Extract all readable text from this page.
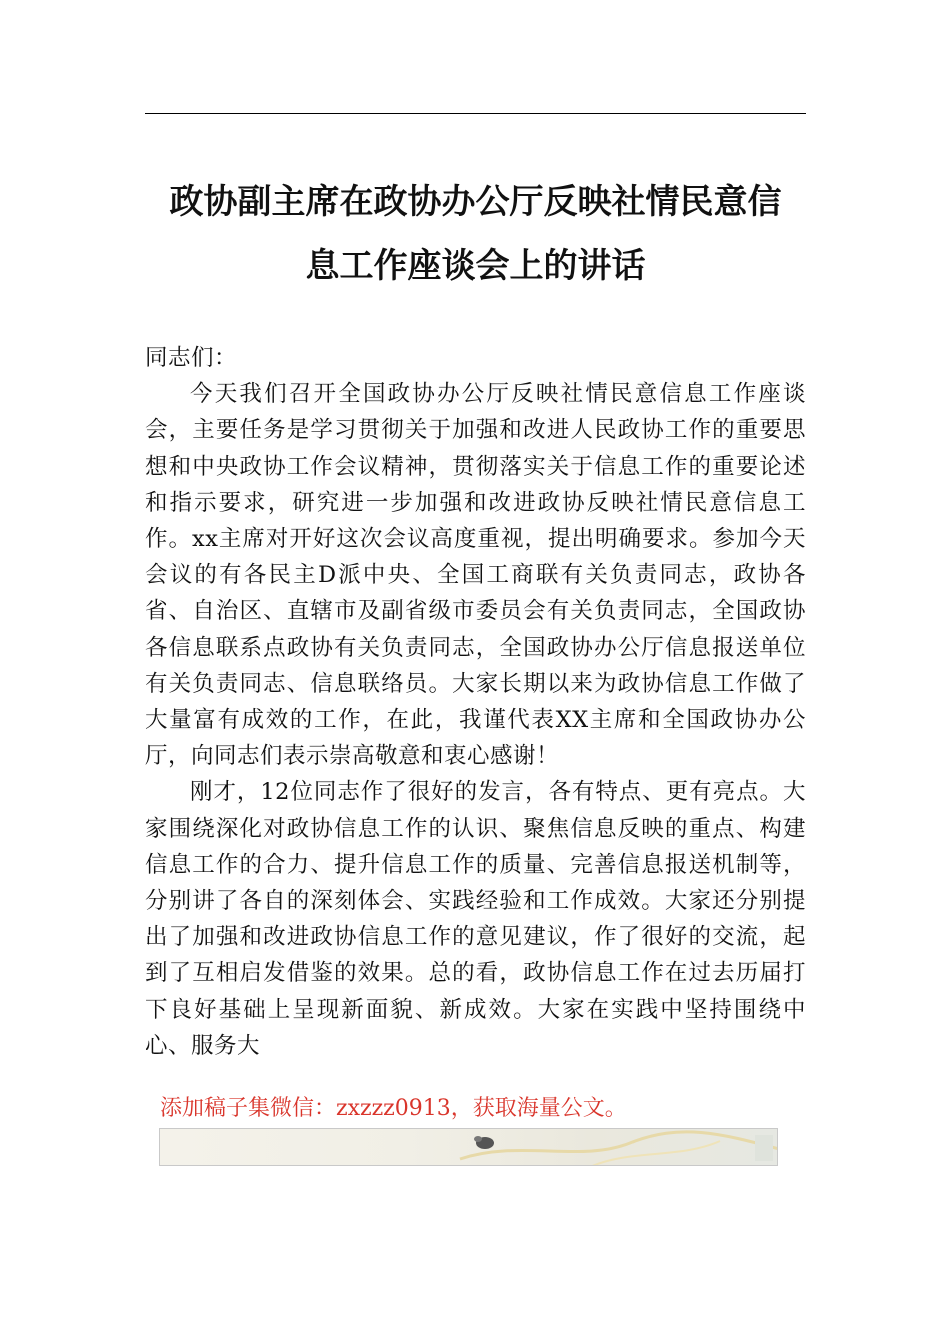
政协副主席在政协办公厅反映社情民意信
息工作座谈会上的讲话

同志们：

今天我们召开全国政协办公厅反映社情民意信息工作座谈会，主要任务是学习贯彻关于加强和改进人民政协工作的重要思想和中央政协工作会议精神，贯彻落实关于信息工作的重要论述和指示要求，研究进一步加强和改进政协反映社情民意信息工作。xx主席对开好这次会议高度重视，提出明确要求。参加今天会议的有各民主D派中央、全国工商联有关负责同志，政协各省、自治区、直辖市及副省级市委员会有关负责同志，全国政协各信息联系点政协有关负责同志，全国政协办公厅信息报送单位有关负责同志、信息联络员。大家长期以来为政协信息工作做了大量富有成效的工作，在此，我谨代表XX主席和全国政协办公厅，向同志们表示崇高敬意和衷心感谢！

刚才，12位同志作了很好的发言，各有特点、更有亮点。大家围绕深化对政协信息工作的认识、聚焦信息反映的重点、构建信息工作的合力、提升信息工作的质量、完善信息报送机制等，分别讲了各自的深刻体会、实践经验和工作成效。大家还分别提出了加强和改进政协信息工作的意见建议，作了很好的交流，起到了互相启发借鉴的效果。总的看，政协信息工作在过去历届打下良好基础上呈现新面貌、新成效。大家在实践中坚持围绕中心、服务大

添加稿子集微信：zxzzz0913，获取海量公文。
